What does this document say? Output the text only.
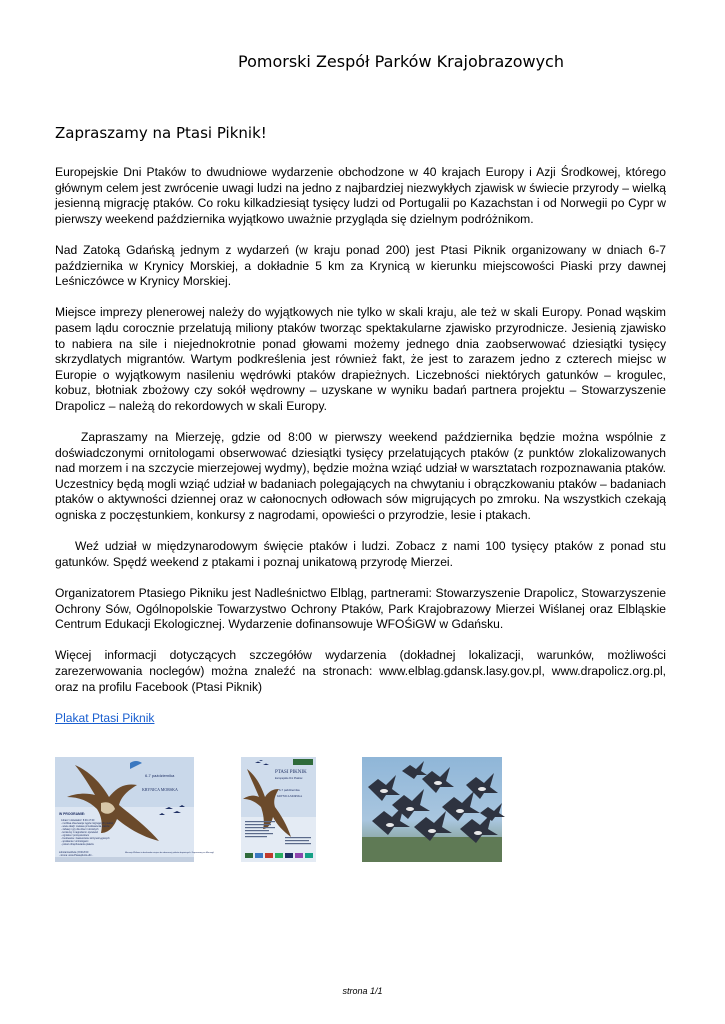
Pomorski Zespół Parków Krajobrazowych
Zapraszamy na Ptasi Piknik!

Europejskie Dni Ptaków to dwudniowe wydarzenie obchodzone w 40 krajach Europy i Azji Środkowej, którego głównym celem jest zwrócenie uwagi ludzi na jedno z najbardziej niezwykłych zjawisk w świecie przyrody – wielką jesienną migrację ptaków. Co roku kilkadziesiąt tysięcy ludzi od Portugalii po Kazachstan i od Norwegii po Cypr w pierwszy weekend października wyjątkowo uważnie przygląda się dzielnym podróżnikom.

Nad Zatoką Gdańską jednym z wydarzeń (w kraju ponad 200) jest Ptasi Piknik organizowany w dniach 6-7 października w Krynicy Morskiej, a dokładnie 5 km za Krynicą w kierunku miejscowości Piaski przy dawnej Leśniczówce w Krynicy Morskiej.

Miejsce imprezy plenerowej należy do wyjątkowych nie tylko w skali kraju, ale też w skali Europy. Ponad wąskim pasem lądu corocznie przelatują miliony ptaków tworząc spektakularne zjawisko przyrodnicze. Jesienią zjawisko to nabiera na sile i niejednokrotnie ponad głowami możemy jednego dnia zaobserwować dziesiątki tysięcy skrzydlatych migrantów. Wartym podkreślenia jest również fakt, że jest to zarazem jedno z czterech miejsc w Europie o wyjątkowym nasileniu wędrówki ptaków drapieżnych. Liczebności niektórych gatunków – krogulec, kobuz, błotniak zbożowy czy sokół wędrowny – uzyskane w wyniku badań partnera projektu – Stowarzyszenie Drapolicz – należą do rekordowych w skali Europy.

Zapraszamy na Mierzeję, gdzie od 8:00 w pierwszy weekend października będzie można wspólnie z doświadczonymi ornitologami obserwować dziesiątki tysięcy przelatujących ptaków (z punktów zlokalizowanych nad morzem i na szczycie mierzejowej wydmy), będzie można wziąć udział w warsztatach rozpoznawania ptaków. Uczestnicy będą mogli wziąć udział w badaniach polegających na chwytaniu i obrączkowaniu ptaków – badaniach ptaków o aktywności dziennej oraz w całonocnych odłowach sów migrujących po zmroku. Na wszystkich czekają ogniska z poczęstunkiem, konkursy z nagrodami, opowieści o przyrodzie, lesie i ptakach.

Weź udział w międzynarodowym święcie ptaków i ludzi. Zobacz z nami 100 tysięcy ptaków z ponad stu gatunków. Spędź weekend z ptakami i poznaj unikatową przyrodę Mierzei.

Organizatorem Ptasiego Pikniku jest Nadleśnictwo Elbląg, partnerami: Stowarzyszenie Drapolicz, Stowarzyszenie Ochrony Sów, Ogólnopolskie Towarzystwo Ochrony Ptaków, Park Krajobrazowy Mierzei Wiślanej oraz Elbląskie Centrum Edukacji Ekologicznej. Wydarzenie dofinansowuje WFOŚiGW w Gdańsku.

Więcej informacji dotyczących szczegółów wydarzenia (dokładnej lokalizacji, warunków, możliwości zarezerwowania noclegów) można znaleźć na stronach: www.elblag.gdansk.lasy.gov.pl, www.drapolicz.org.pl, oraz na profilu Facebook (Ptasi Piknik)

Plakat Ptasi Piknik

6-7 października
KRYNICA MORSKA
W PROGRAMIE:
zobacz i doświadcz: 8:00-17:00
- możliwa obserwacja: lęgów migrujących ptaków
- wiele okazji: ciekawe przedstawienia ptaków
- zabawy i gry dla dzieci i dorosłych
- konkursy z nagrodami i opowieści
- ogniska z poczęstunkiem
- budowanie i zawieszanie skrzynek lęgowych
- spotkania z ornitologami
- pokaz obrączkowania ptaków
sobota/niedziela | 8:00-8:00
- strona: www.Ptasiepiknik.elbl...
Mierzeja Wiślana to doskonałe miejsce do obserwacji ptaków drapieżnych. Zapraszamy na Mierzeję!
PTASI PIKNIK
Europejskie Dni Ptaków
6-7 października
KRYNICA MORSKA
strona 1/1
